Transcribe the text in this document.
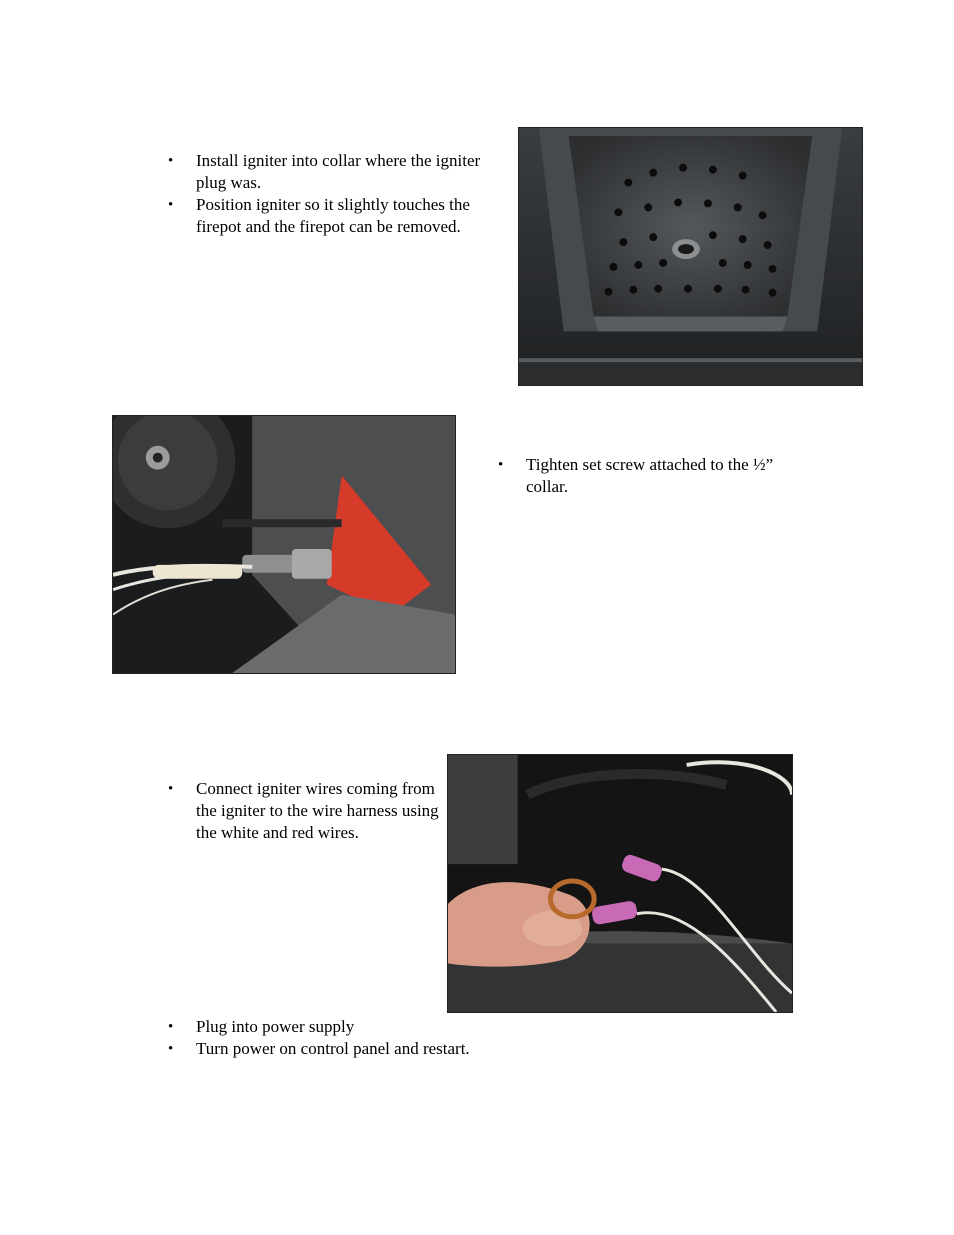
• Install igniter into collar where the igniter plug was.
• Position igniter so it slightly touches the firepot and the firepot can be removed.
• Tighten set screw attached to the ½” collar.
• Connect igniter wires coming from the igniter to the wire harness using the white and red wires.
• Plug into power supply
• Turn power on control panel and restart.
